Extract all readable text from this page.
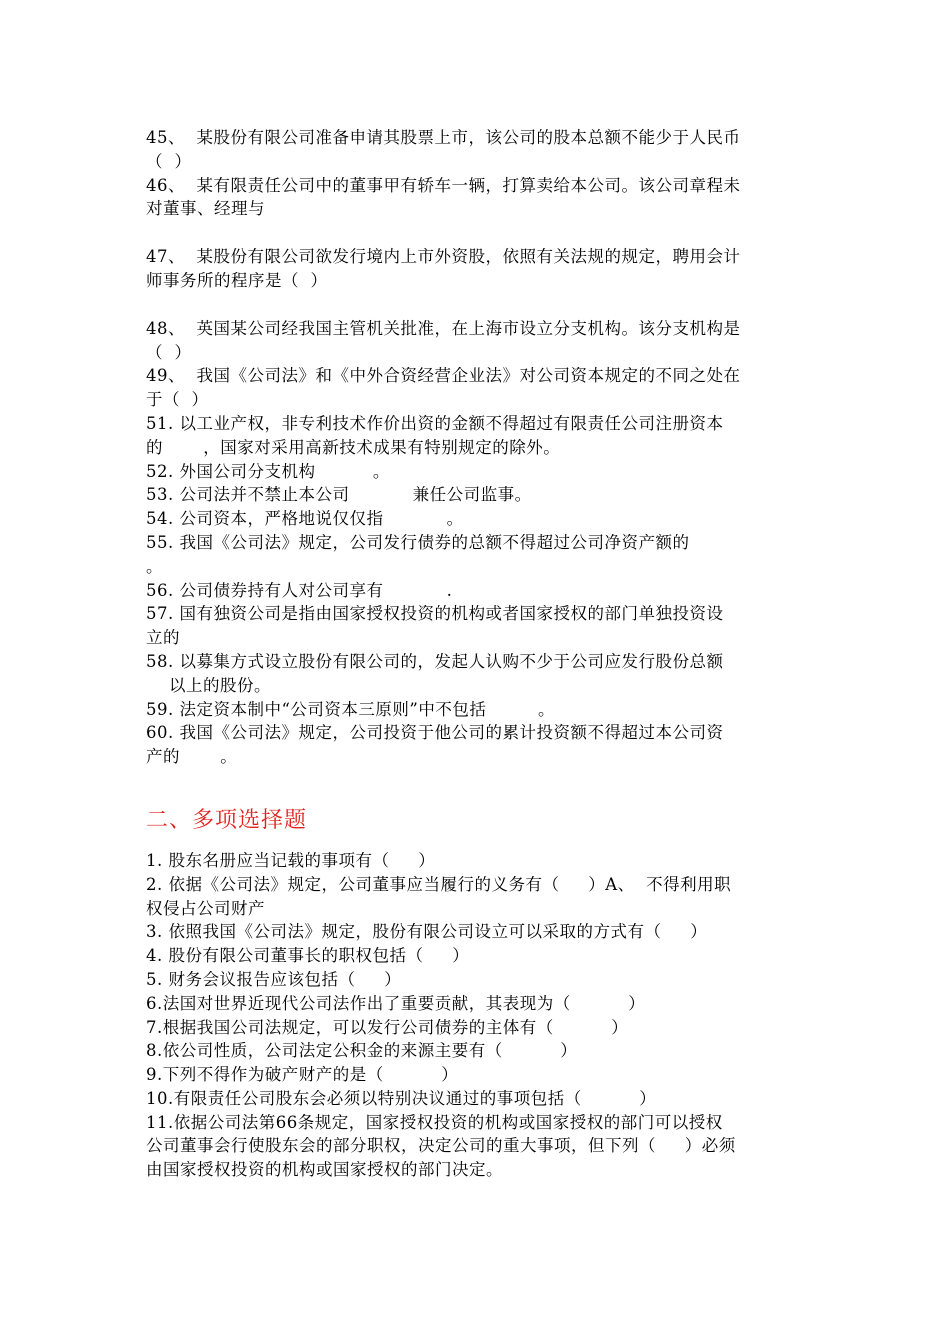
45、  某股份有限公司准备申请其股票上市，该公司的股本总额不能少于人民币
（  ）
46、  某有限责任公司中的董事甲有轿车一辆，打算卖给本公司。该公司章程未
对董事、经理与
47、  某股份有限公司欲发行境内上市外资股，依照有关法规的规定，聘用会计
师事务所的程序是（  ）
48、  英国某公司经我国主管机关批准，在上海市设立分支机构。该分支机构是
（  ）
49、  我国《公司法》和《中外合资经营企业法》对公司资本规定的不同之处在
于（  ）
51. 以工业产权，非专利技术作价出资的金额不得超过有限责任公司注册资本
的       ，国家对采用高新技术成果有特别规定的除外。
52. 外国公司分支机构          。
53. 公司法并不禁止本公司           兼任公司监事。
54. 公司资本，严格地说仅仅指           。
55. 我国《公司法》规定，公司发行债券的总额不得超过公司净资产额的
。
56. 公司债券持有人对公司享有           .
57. 国有独资公司是指由国家授权投资的机构或者国家授权的部门单独投资设
立的
58. 以募集方式设立股份有限公司的，发起人认购不少于公司应发行股份总额
以上的股份。
59. 法定资本制中“公司资本三原则”中不包括         。
60. 我国《公司法》规定，公司投资于他公司的累计投资额不得超过本公司资
产的       。
二、多项选择题
1. 股东名册应当记载的事项有（     ）
2. 依据《公司法》规定，公司董事应当履行的义务有（     ）A、  不得利用职
权侵占公司财产
3. 依照我国《公司法》规定，股份有限公司设立可以采取的方式有（     ）
4. 股份有限公司董事长的职权包括（     ）
5. 财务会议报告应该包括（     ）
6.法国对世界近现代公司法作出了重要贡献，其表现为（          ）
7.根据我国公司法规定，可以发行公司债券的主体有（          ）
8.依公司性质，公司法定公积金的来源主要有（          ）
9.下列不得作为破产财产的是（          ）
10.有限责任公司股东会必须以特别决议通过的事项包括（          ）
11.依据公司法第66条规定，国家授权投资的机构或国家授权的部门可以授权
公司董事会行使股东会的部分职权，决定公司的重大事项，但下列（     ）必须
由国家授权投资的机构或国家授权的部门决定。
